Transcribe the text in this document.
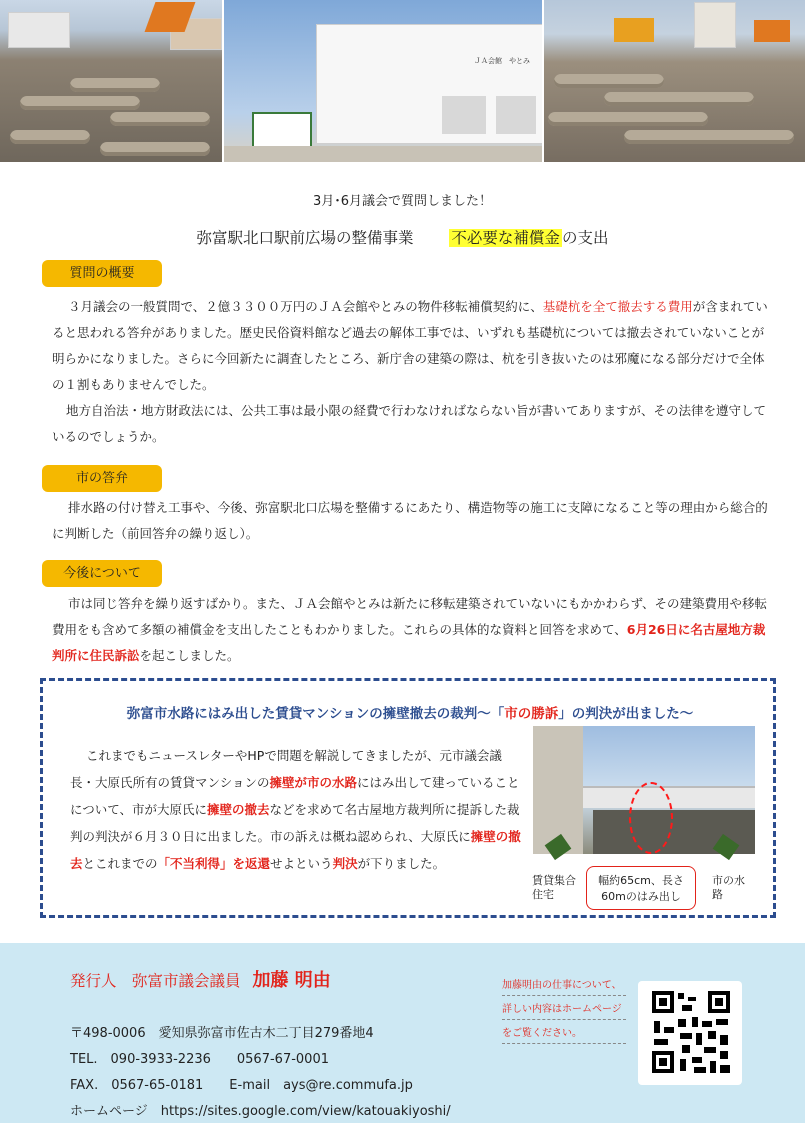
ＪＡ会館　やとみ
3月･6月議会で質問しました！
弥富駅北口駅前広場の整備事業 不必要な補償金 の支出
質問の概要

３月議会の一般質問で、２億３３００万円のＪＡ会館やとみの物件移転補償契約に、基礎杭を全て撤去する費用が含まれていると思われる答弁がありました。歴史民俗資料館など過去の解体工事では、いずれも基礎杭については撤去されていないことが明らかになりました。さらに今回新たに調査したところ、新庁舎の建築の際は、杭を引き抜いたのは邪魔になる部分だけで全体の１割もありませんでした。

地方自治法・地方財政法には、公共工事は最小限の経費で行わなければならない旨が書いてありますが、その法律を遵守しているのでしょうか。

市の答弁

排水路の付け替え工事や、今後、弥富駅北口広場を整備するにあたり、構造物等の施工に支障になること等の理由から総合的に判断した（前回答弁の繰り返し）。

今後について

市は同じ答弁を繰り返すばかり。また、ＪＡ会館やとみは新たに移転建築されていないにもかかわらず、その建築費用や移転費用をも含めて多額の補償金を支出したこともわかりました。これらの具体的な資料と回答を求めて、6月26日に名古屋地方裁判所に住民訴訟を起こしました。

弥富市水路にはみ出した賃貸マンションの擁壁撤去の裁判～「市の勝訴」の判決が出ました～

これまでもニュースレターやHPで問題を解説してきましたが、元市議会議長・大原氏所有の賃貸マンションの擁壁が市の水路にはみ出して建っていることについて、市が大原氏に擁壁の撤去などを求めて名古屋地方裁判所に提訴した裁判の判決が６月３０日に出ました。市の訴えは概ね認められ、大原氏に擁壁の撤去とこれまでの「不当利得」を返還せよという判決が下りました。

賃貸集合住宅
市の水路
幅約65cm、長さ60mのはみ出し
発行人　弥富市議会議員 加藤 明由
〒498-0006　愛知県弥富市佐古木二丁目279番地4
TEL.　090-3933-2236　　0567-67-0001
FAX.　0567-65-0181　　E-mail　ays@re.commufa.jp
ホームページ　https://sites.google.com/view/katouakiyoshi/
加藤明由の仕事について、
詳しい内容はホームページ
をご覧ください。
